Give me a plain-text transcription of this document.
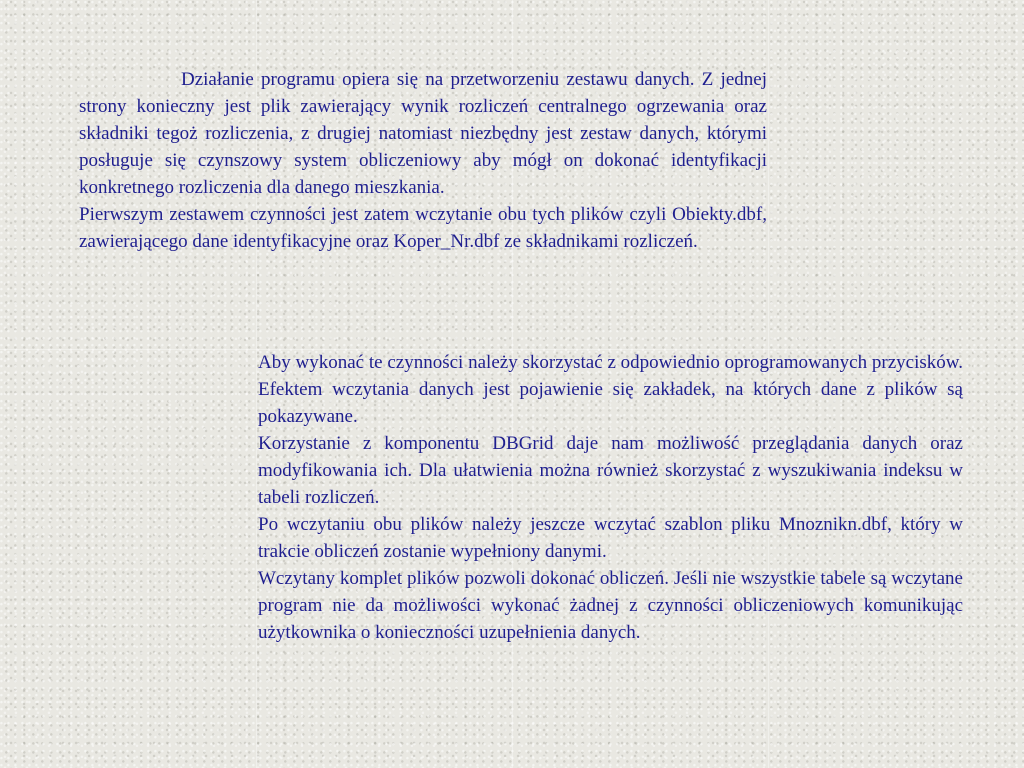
Działanie programu opiera się na przetworzeniu zestawu danych. Z jednej strony konieczny jest plik zawierający wynik rozliczeń centralnego ogrzewania oraz składniki tegoż rozliczenia, z drugiej natomiast niezbędny jest zestaw danych, którymi posługuje się czynszowy system obliczeniowy aby mógł on dokonać identyfikacji konkretnego rozliczenia dla danego mieszkania.

Pierwszym zestawem czynności jest zatem wczytanie obu tych plików czyli Obiekty.dbf, zawierającego dane identyfikacyjne oraz Koper_Nr.dbf ze składnikami rozliczeń.

Aby wykonać te czynności należy skorzystać z odpowiednio oprogramowanych przycisków. Efektem wczytania danych jest pojawienie się zakładek, na których dane z plików są pokazywane.

Korzystanie z komponentu DBGrid daje nam możliwość przeglądania danych oraz modyfikowania ich. Dla ułatwienia można również skorzystać z wyszukiwania indeksu w tabeli rozliczeń.

Po wczytaniu obu plików należy jeszcze wczytać szablon pliku Mnoznikn.dbf, który w trakcie obliczeń zostanie wypełniony danymi.

Wczytany komplet plików pozwoli dokonać obliczeń. Jeśli nie wszystkie tabele są wczytane program nie da możliwości wykonać żadnej z czynności obliczeniowych komunikując użytkownika o konieczności uzupełnienia danych.
